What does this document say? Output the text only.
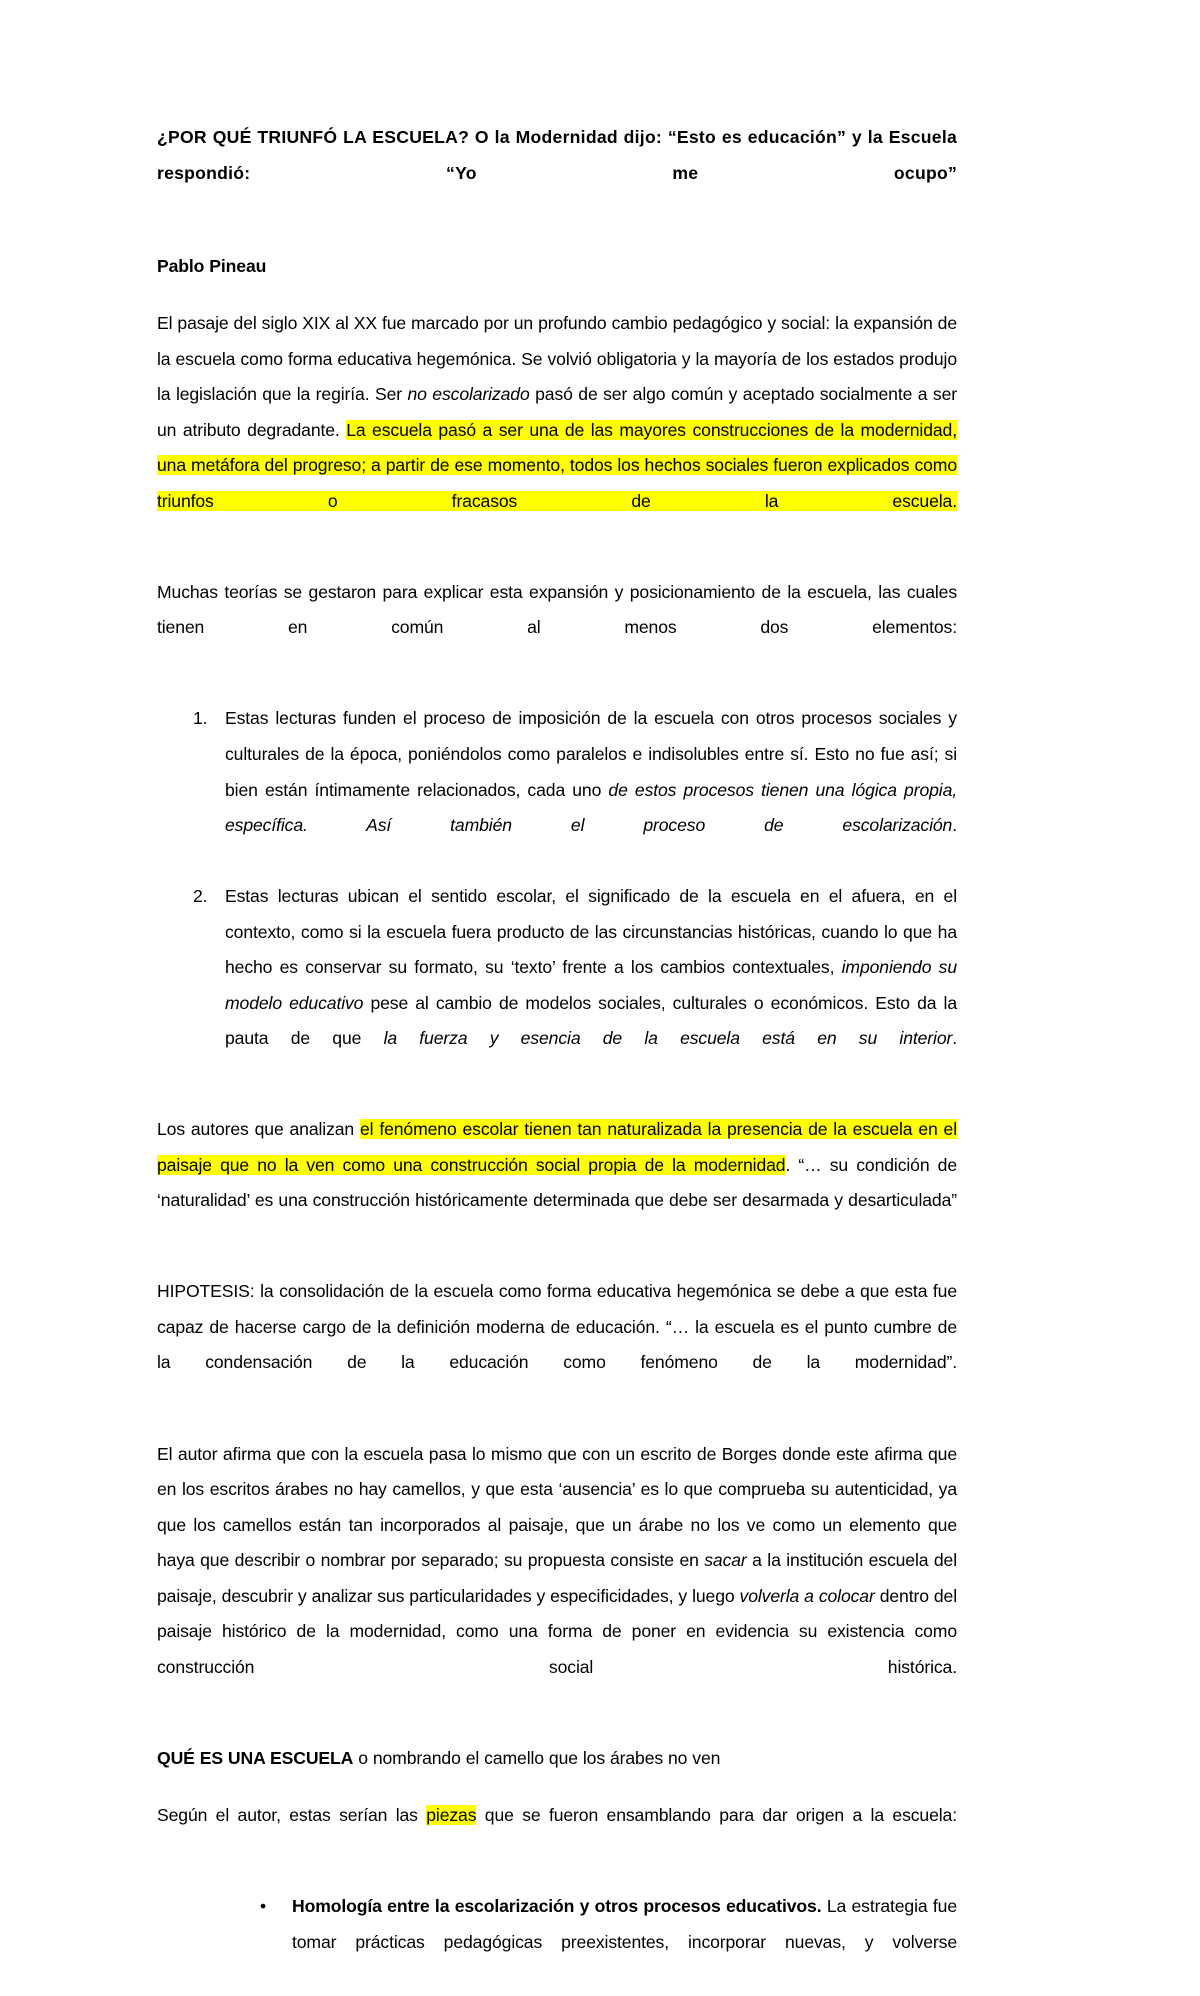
¿POR QUÉ TRIUNFÓ LA ESCUELA? O la Modernidad dijo: “Esto es educación” y la Escuela respondió: “Yo me ocupo”

Pablo Pineau

El pasaje del siglo XIX al XX fue marcado por un profundo cambio pedagógico y social: la expansión de la escuela como forma educativa hegemónica. Se volvió obligatoria y la mayoría de los estados produjo la legislación que la regiría. Ser no escolarizado pasó de ser algo común y aceptado socialmente a ser un atributo degradante. La escuela pasó a ser una de las mayores construcciones de la modernidad, una metáfora del progreso; a partir de ese momento, todos los hechos sociales fueron explicados como triunfos o fracasos de la escuela.

Muchas teorías se gestaron para explicar esta expansión y posicionamiento de la escuela, las cuales tienen en común al menos dos elementos:

Estas lecturas funden el proceso de imposición de la escuela con otros procesos sociales y culturales de la época, poniéndolos como paralelos e indisolubles entre sí. Esto no fue así; si bien están íntimamente relacionados, cada uno de estos procesos tienen una lógica propia, específica. Así también el proceso de escolarización.

Estas lecturas ubican el sentido escolar, el significado de la escuela en el afuera, en el contexto, como si la escuela fuera producto de las circunstancias históricas, cuando lo que ha hecho es conservar su formato, su ‘texto’ frente a los cambios contextuales, imponiendo su modelo educativo pese al cambio de modelos sociales, culturales o económicos. Esto da la pauta de que la fuerza y esencia de la escuela está en su interior.

Los autores que analizan el fenómeno escolar tienen tan naturalizada la presencia de la escuela en el paisaje que no la ven como una construcción social propia de la modernidad. “… su condición de ‘naturalidad’ es una construcción históricamente determinada que debe ser desarmada y desarticulada”

HIPOTESIS: la consolidación de la escuela como forma educativa hegemónica se debe a que esta fue capaz de hacerse cargo de la definición moderna de educación. “… la escuela es el punto cumbre de la condensación de la educación como fenómeno de la modernidad”.

El autor afirma que con la escuela pasa lo mismo que con un escrito de Borges donde este afirma que en los escritos árabes no hay camellos, y que esta ‘ausencia’ es lo que comprueba su autenticidad, ya que los camellos están tan incorporados al paisaje, que un árabe no los ve como un elemento que haya que describir o nombrar por separado; su propuesta consiste en sacar a la institución escuela del paisaje, descubrir y analizar sus particularidades y especificidades, y luego volverla a colocar dentro del paisaje histórico de la modernidad, como una forma de poner en evidencia su existencia como construcción social histórica.

QUÉ ES UNA ESCUELA o nombrando el camello que los árabes no ven

Según el autor, estas serían las piezas que se fueron ensamblando para dar origen a la escuela:

• Homología entre la escolarización y otros procesos educativos. La estrategia fue tomar prácticas pedagógicas preexistentes, incorporar nuevas, y volverse
